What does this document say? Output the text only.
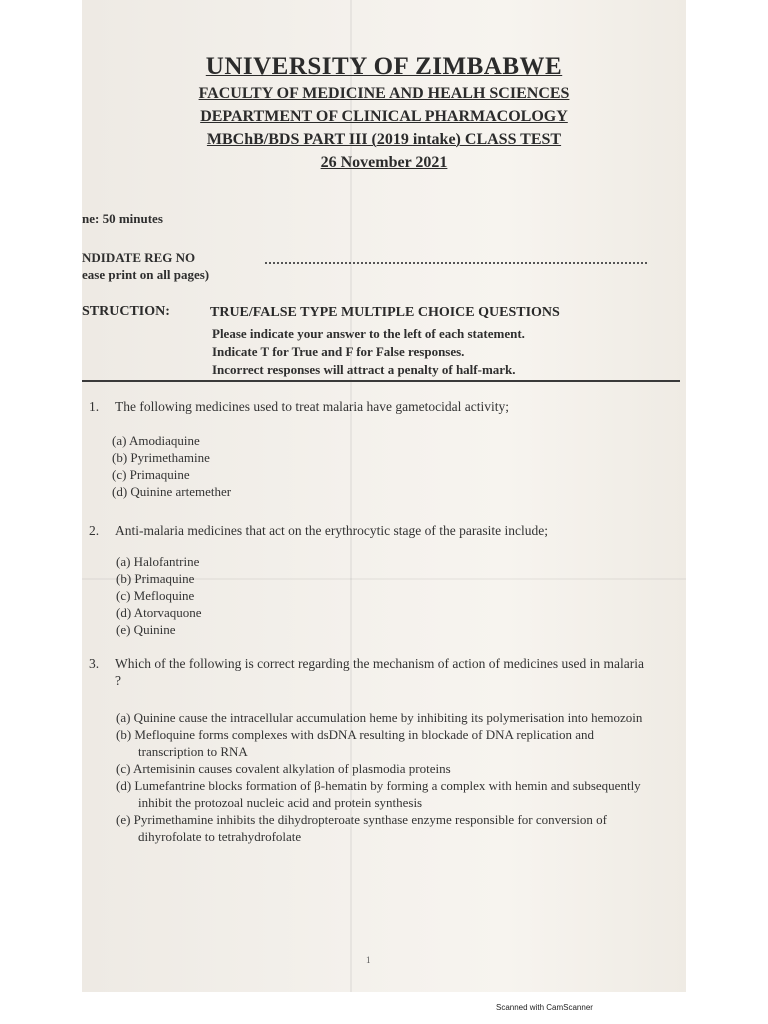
UNIVERSITY OF ZIMBABWE

FACULTY OF MEDICINE AND HEALH SCIENCES

DEPARTMENT OF CLINICAL PHARMACOLOGY

MBChB/BDS PART III (2019 intake) CLASS TEST

26 November 2021

ne: 50 minutes
NDIDATE REG NO
ease print on all pages)
STRUCTION:	TRUE/FALSE TYPE MULTIPLE CHOICE QUESTIONS
Please indicate your answer to the left of each statement.
Indicate T for True and F for False responses.
Incorrect responses will attract a penalty of half-mark.
1. The following medicines used to treat malaria have gametocidal activity;
(a) Amodiaquine
(b) Pyrimethamine
(c) Primaquine
(d) Quinine artemether
2. Anti-malaria medicines that act on the erythrocytic stage of the parasite include;
(a) Halofantrine
(b) Primaquine
(c) Mefloquine
(d) Atorvaquone
(e) Quinine
3. Which of the following is correct regarding the mechanism of action of medicines used in malaria ?
(a) Quinine cause the intracellular accumulation heme by inhibiting its polymerisation into hemozoin
(b) Mefloquine forms complexes with dsDNA resulting in blockade of DNA replication and transcription to RNA
(c) Artemisinin causes covalent alkylation of plasmodia proteins
(d) Lumefantrine blocks formation of β-hematin by forming a complex with hemin and subsequently inhibit the protozoal nucleic acid and protein synthesis
(e) Pyrimethamine inhibits the dihydropteroate synthase enzyme responsible for conversion of dihyrofolate to tetrahydrofolate
1
Scanned with CamScanner
